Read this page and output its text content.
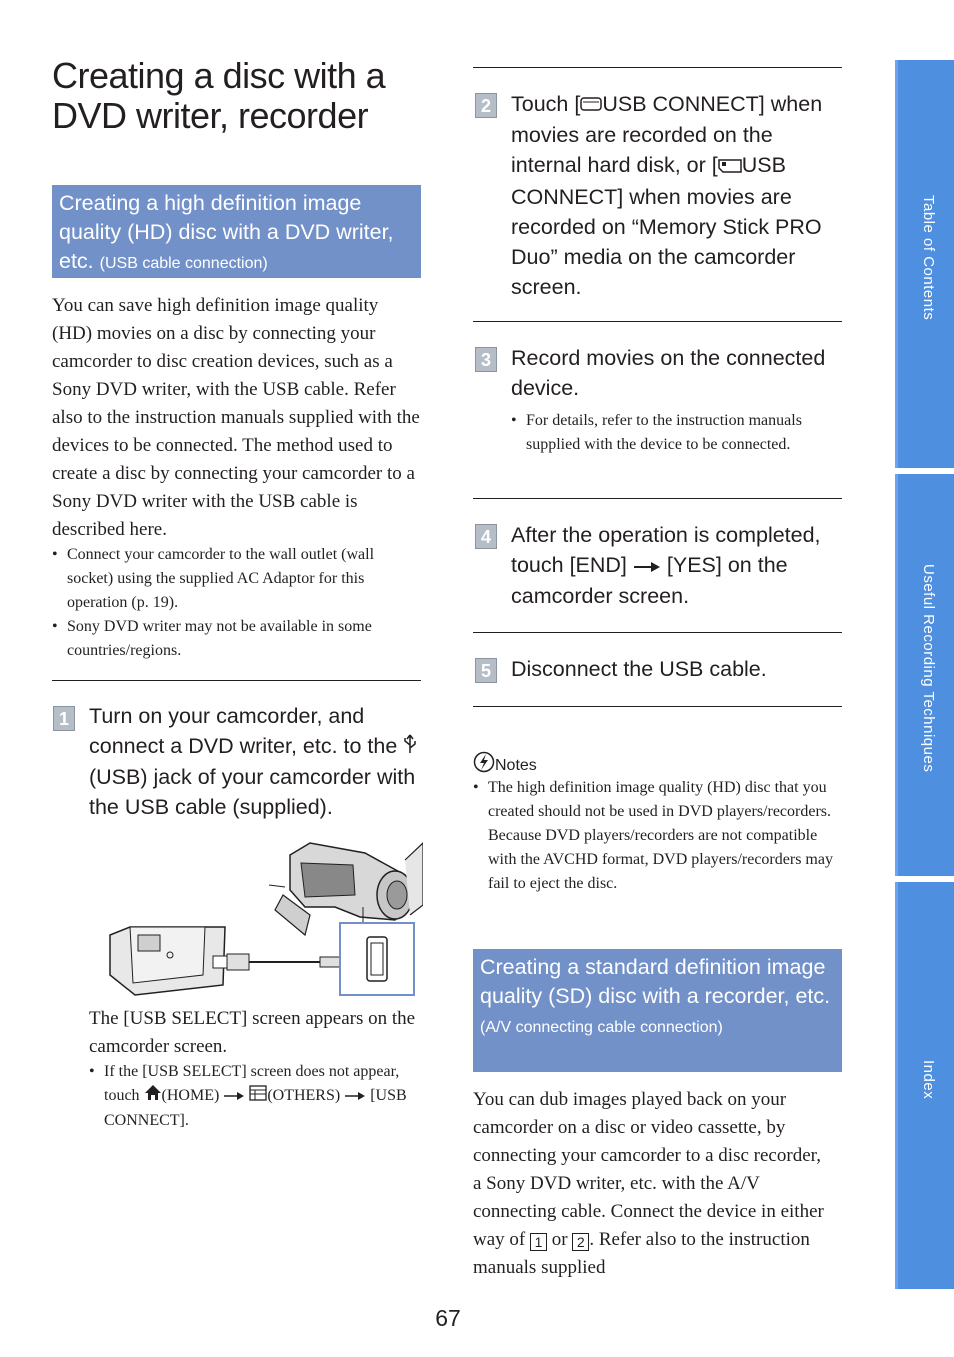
Creating a disc with a DVD writer, recorder
Creating a high definition image quality (HD) disc with a DVD writer, etc. (USB cable connection)
You can save high definition image quality (HD) movies on a disc by connecting your camcorder to disc creation devices, such as a Sony DVD writer, with the USB cable. Refer also to the instruction manuals supplied with the devices to be connected. The method used to create a disc by connecting your camcorder to a Sony DVD writer with the USB cable is described here.
• Connect your camcorder to the wall outlet (wall socket) using the supplied AC Adaptor for this operation (p. 19).
• Sony DVD writer may not be available in some countries/regions.
1 Turn on your camcorder, and connect a DVD writer, etc. to the  (USB) jack of your camcorder with the USB cable (supplied).
The [USB SELECT] screen appears on the camcorder screen.
• If the [USB SELECT] screen does not appear, touch (HOME)	(OTHERS) [USB CONNECT].
2 Touch [ USB CONNECT] when movies are recorded on the internal hard disk, or [ USB CONNECT] when movies are recorded on “Memory Stick PRO Duo” media on the camcorder screen.
3 Record movies on the connected device.
• For details, refer to the instruction manuals supplied with the device to be connected.
4 After the operation is completed, touch [END] [YES] on the camcorder screen.
5 Disconnect the USB cable.
Notes
• The high definition image quality (HD) disc that you created should not be used in DVD players/recorders. Because DVD players/recorders are not compatible with the AVCHD format, DVD players/recorders may fail to eject the disc.
Creating a standard definition image quality (SD) disc with a recorder, etc. (A/V connecting cable connection)
You can dub images played back on your camcorder on a disc or video cassette, by connecting your camcorder to a disc recorder, a Sony DVD writer, etc. with the A/V connecting cable. Connect the device in either way of 1 or 2 . Refer also to the instruction manuals supplied
Table of Contents
Useful Recording Techniques
Index
67
